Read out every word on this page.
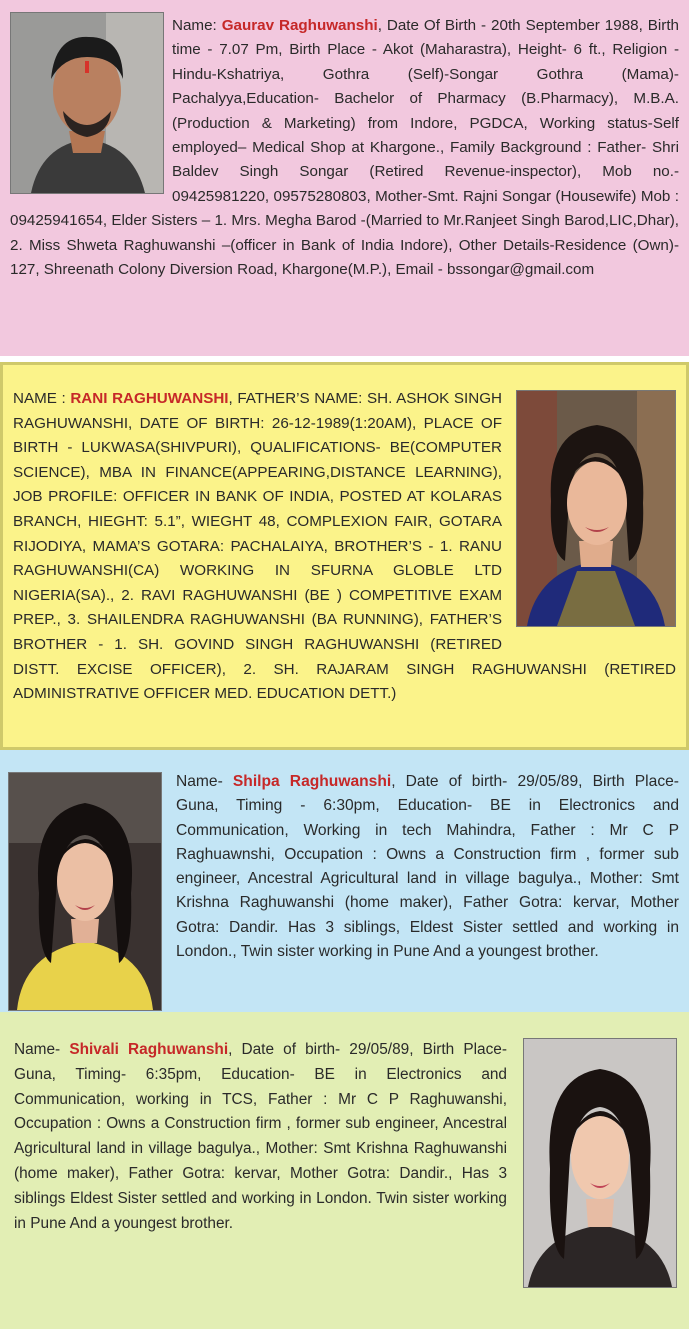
Name: Gaurav Raghuwanshi, Date Of Birth - 20th September 1988, Birth time - 7.07 Pm, Birth Place - Akot (Maharastra), Height- 6 ft., Religion - Hindu-Kshatriya, Gothra (Self)-Songar Gothra (Mama)-Pachalyya,Education- Bachelor of Pharmacy (B.Pharmacy), M.B.A. (Production & Marketing) from Indore, PGDCA, Working status-Self employed– Medical Shop at Khargone., Family Background : Father- Shri Baldev Singh Songar (Retired Revenue-inspector), Mob no.- 09425981220, 09575280803, Mother-Smt. Rajni Songar (Housewife) Mob : 09425941654, Elder Sisters – 1. Mrs. Megha Barod -(Married to Mr.Ranjeet Singh Barod,LIC,Dhar), 2. Miss Shweta Raghuwanshi –(officer in Bank of India Indore), Other Details-Residence (Own)- 127, Shreenath Colony Diversion Road, Khargone(M.P.), Email - bssongar@gmail.com

NAME : RANI RAGHUWANSHI, FATHER’S NAME: SH. ASHOK SINGH RAGHUWANSHI, DATE OF BIRTH: 26-12-1989(1:20AM), PLACE OF BIRTH - LUKWASA(SHIVPURI), QUALIFICATIONS- BE(COMPUTER SCIENCE), MBA IN FINANCE(APPEARING,DISTANCE LEARNING), JOB PROFILE: OFFICER IN BANK OF INDIA, POSTED AT KOLARAS BRANCH, HIEGHT: 5.1”, WIEGHT 48, COMPLEXION FAIR, GOTARA RIJODIYA, MAMA’S GOTARA: PACHALAIYA, BROTHER’S - 1. RANU RAGHUWANSHI(CA) WORKING IN SFURNA GLOBLE LTD NIGERIA(SA)., 2. RAVI RAGHUWANSHI (BE ) COMPETITIVE EXAM PREP., 3. SHAILENDRA RAGHUWANSHI (BA RUNNING), FATHER’S BROTHER - 1. SH. GOVIND SINGH RAGHUWANSHI (RETIRED DISTT. EXCISE OFFICER), 2. SH. RAJARAM SINGH RAGHUWANSHI (RETIRED ADMINISTRATIVE OFFICER MED. EDUCATION DETT.)

Name- Shilpa Raghuwanshi, Date of birth- 29/05/89, Birth Place- Guna, Timing - 6:30pm, Education- BE in Electronics and Communication, Working in tech Mahindra, Father : Mr C P Raghuawnshi, Occupation : Owns a Construction firm , former sub engineer, Ancestral Agricultural land in village bagulya., Mother: Smt Krishna Raghuwanshi (home maker), Father Gotra: kervar, Mother Gotra: Dandir. Has 3 siblings, Eldest Sister settled and working in London., Twin sister working in Pune And a youngest brother.

Name- Shivali Raghuwanshi, Date of birth- 29/05/89, Birth Place- Guna, Timing- 6:35pm, Education- BE in Electronics and Communication, working in TCS, Father : Mr C P Raghuwanshi, Occupation : Owns a Construction firm , former sub engineer, Ancestral Agricultural land in village bagulya., Mother: Smt Krishna Raghuwanshi (home maker), Father Gotra: kervar, Mother Gotra: Dandir., Has 3 siblings Eldest Sister settled and working in London. Twin sister working in Pune And a youngest brother.
